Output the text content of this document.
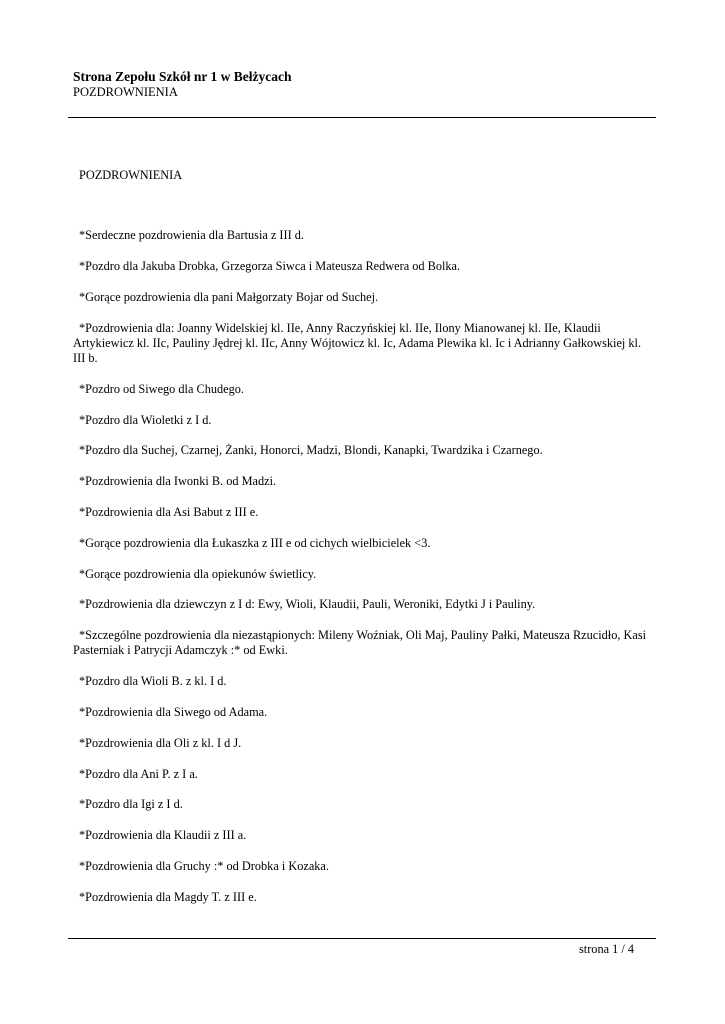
Strona Zepołu Szkół nr 1 w Bełżycach

POZDROWNIENIA

POZDROWNIENIA

*Serdeczne pozdrowienia dla Bartusia z III d.
*Pozdro dla Jakuba Drobka, Grzegorza Siwca i Mateusza Redwera od Bolka.
*Gorące pozdrowienia dla pani Małgorzaty Bojar od Suchej.
*Pozdrowienia dla: Joanny Widelskiej kl. IIe, Anny Raczyńskiej kl. IIe, Ilony Mianowanej kl. IIe, Klaudii Artykiewicz kl. IIc, Pauliny Jędrej kl. IIc, Anny Wójtowicz kl. Ic, Adama Plewika kl. Ic i Adrianny Gałkowskiej kl. III b.
*Pozdro od Siwego dla Chudego.
*Pozdro dla Wioletki z I d.
*Pozdro dla Suchej, Czarnej, Żanki, Honorci, Madzi, Blondi, Kanapki, Twardzika i Czarnego.
*Pozdrowienia dla Iwonki B. od Madzi.
*Pozdrowienia dla Asi Babut z III e.
*Gorące pozdrowienia dla Łukaszka z III e od cichych wielbicielek <3.
*Gorące pozdrowienia dla opiekunów świetlicy.
*Pozdrowienia dla dziewczyn z I d: Ewy, Wioli, Klaudii, Pauli, Weroniki, Edytki J i Pauliny.
*Szczególne pozdrowienia dla niezastąpionych: Mileny Woźniak, Oli Maj, Pauliny Pałki, Mateusza Rzucidło, Kasi Pasterniak i Patrycji Adamczyk :* od Ewki.
*Pozdro dla Wioli B. z kl. I d.
*Pozdrowienia dla Siwego od Adama.
*Pozdrowienia dla Oli z kl. I d J.
*Pozdro dla Ani P. z I a.
*Pozdro dla Igi z I d.
*Pozdrowienia dla Klaudii z III a.
*Pozdrowienia dla Gruchy :* od Drobka i Kozaka.
*Pozdrowienia dla Magdy T. z III e.
strona 1 / 4
